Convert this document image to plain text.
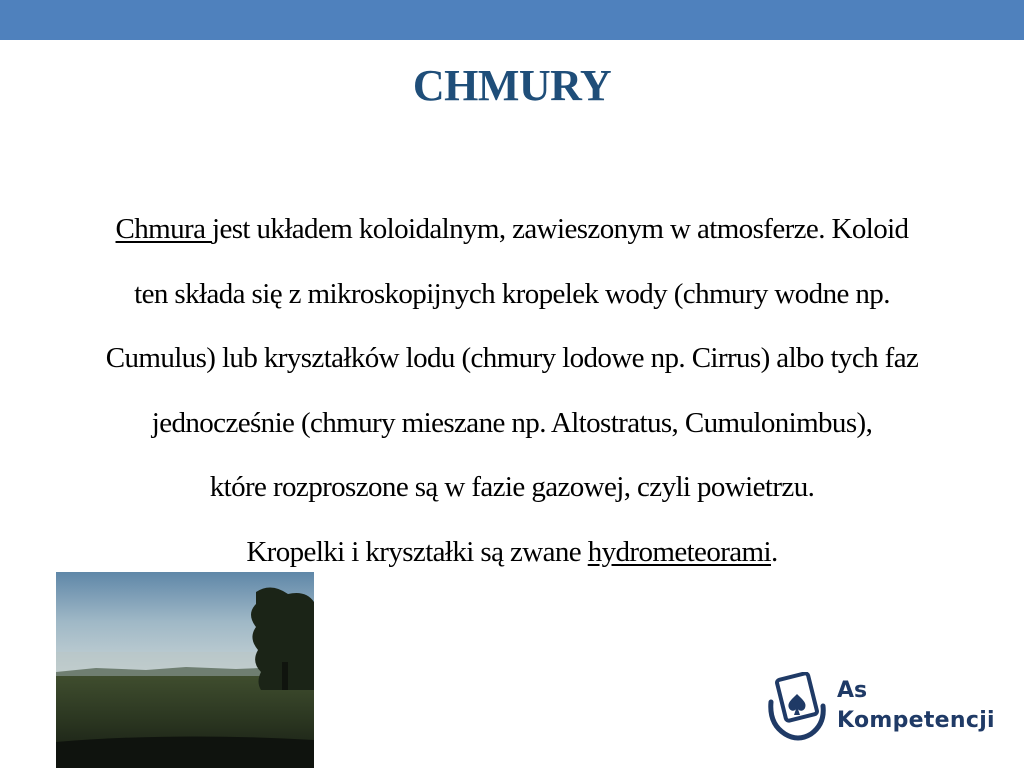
CHMURY
Chmura jest układem koloidalnym, zawieszonym w atmosferze. Koloid
ten składa się z mikroskopijnych kropelek wody (chmury wodne np.
Cumulus) lub kryształków lodu (chmury lodowe np. Cirrus) albo tych faz
jednocześnie (chmury mieszane np. Altostratus, Cumulonimbus),
które rozproszone są w fazie gazowej, czyli powietrzu.
Kropelki i kryształki są zwane hydrometeorami.
As
Kompetencji
